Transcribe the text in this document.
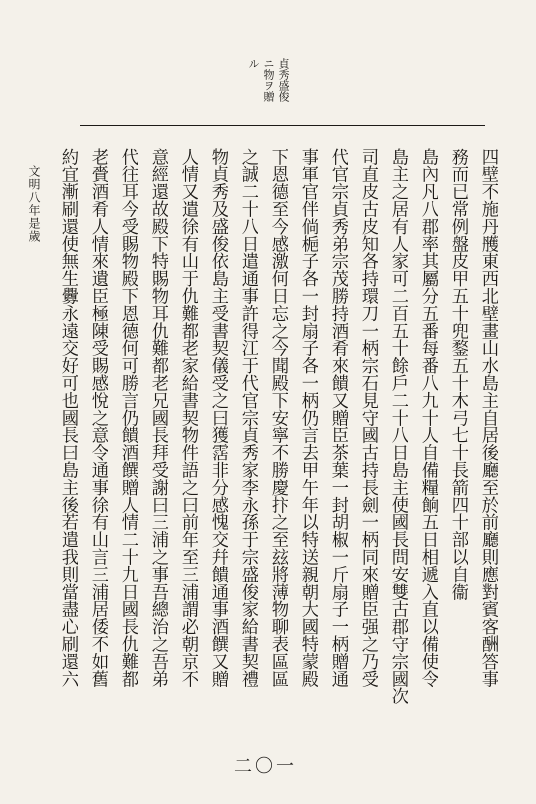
貞秀盛俊
ニ物ヲ贈
ル
四壁不施丹雘東西北壁畫山水島主自居後廳至於前廳則應對賓客酬答事
務而已常例盤皮甲五十兜鍪五十木弓七十長箭四十部以自衞
島內凡八郡率其屬分五番每番八九十人自備糧餉五日相遞入直以備使令
島主之居有人家可二百五十餘戶二十八日島主使國長問安雙古郡守宗國次
司直皮古皮知各持環刀一柄宗石見守國古持長劍一柄同來贈臣强之乃受
代官宗貞秀弟宗茂勝持酒肴來饋又贈臣茶葉一封胡椒一斤扇子一柄贈通
事軍官伴倘梔子各一封扇子各一柄仍言去甲午年以特送親朝大國特蒙殿
下恩德至今感激何日忘之今聞殿下安寧不勝慶抃之至玆將薄物聊表區區
之誠二十八日遣通事許得江于代官宗貞秀家李永孫于宗盛俊家給書契禮
物貞秀及盛俊依島主受書契儀受之曰獲霑非分感愧交幷饋通事酒饌又贈
人情又遣徐有山于仇難都老家給書契物件語之曰前年至三浦謂必朝京不
意經還故殿下特賜物耳仇難都老兄國長拜受謝曰三浦之事吾總治之吾弟
代往耳今受賜物殿下恩德何可勝言仍饋酒饌贈人情二十九日國長仇難都
老賫酒肴人情來遺臣極陳受賜感悅之意令通事徐有山言三浦居倭不如舊
約宜漸刷還使無生釁永遠交好可也國長曰島主後若遣我則當盡心刷還六
文明八年是歲
二〇一
